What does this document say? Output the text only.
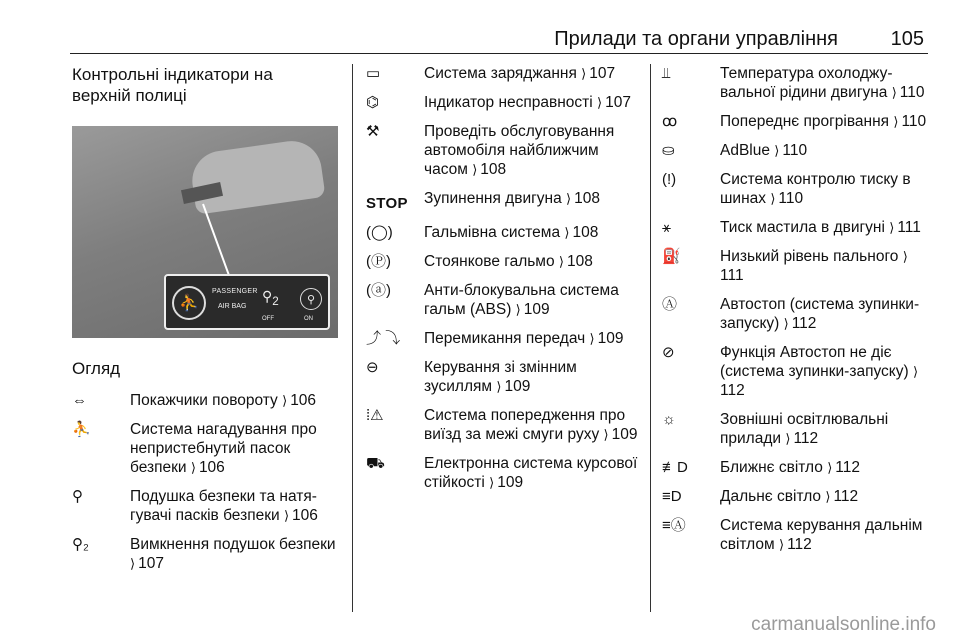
Прилади та органи управління	105
Контрольні індикатори на верхній полиці
⛹
PASSENGER
AIR BAG
$⚲_2$	⚲
OFF	ON
Огляд
⇔	Покажчики повороту ⟩ 106
⛹	Система нагадування про непристебнутий пасок безпеки ⟩ 106
⚲	Подушка безпеки та натягувачі пасків безпеки ⟩ 106
⚲₂	Вимкнення подушок безпеки ⟩ 107
▭	Система заряджання ⟩ 107
⌬	Індикатор несправності ⟩ 107
⚒	Проведіть обслуговування автомобіля найближчим часом ⟩ 108
STOP	Зупинення двигуна ⟩ 108
(◯)	Гальмівна система ⟩ 108
(Ⓟ)	Стоянкове гальмо ⟩ 108
(ⓐ)	Анти-блокувальна система гальм (ABS) ⟩ 109
⤴ ⤵	Перемикання передач ⟩ 109
⊖	Керування зі змінним зусиллям ⟩ 109
⁞⚠	Система попередження про виїзд за межі смуги руху ⟩ 109
⛟	Електронна система курсової стійкості ⟩ 109
⫫	Температура охолоджувальної рідини двигуна ⟩ 110
ꝏ	Попереднє прогрівання ⟩ 110
⛀	AdBlue ⟩ 110
(!)	Система контролю тиску в шинах ⟩ 110
⚹	Тиск мастила в двигуні ⟩ 111
⛽	Низький рівень пального ⟩111
Ⓐ	Автостоп (система зупинки-запуску) ⟩ 112
⊘	Функція Автостоп не діє (система зупинки-запуску) ⟩112
☼	Зовнішні освітлювальні прилади ⟩ 112
≢D	Ближнє світло ⟩ 112
≡D	Дальнє світло ⟩ 112
≡Ⓐ	Система керування дальнім світлом ⟩ 112
carmanualsonline.info
